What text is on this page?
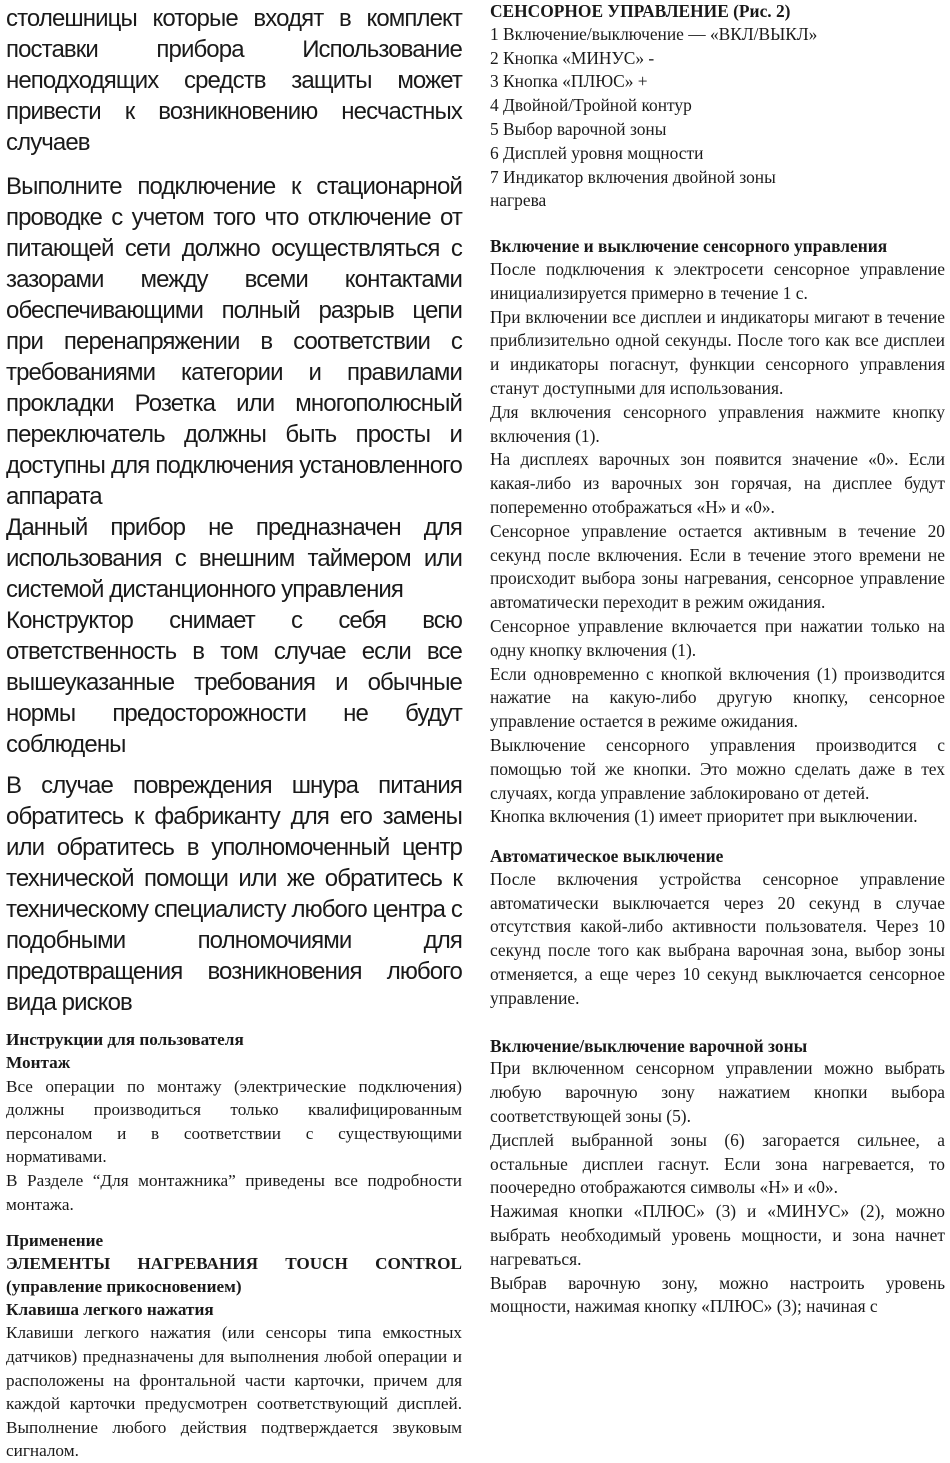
столешницы которые входят в комплект поставки прибора Использование неподходящих средств защиты может привести к возникновению несчастных случаев

Выполните подключение к стационарной проводке с учетом того что отключение от питающей сети должно осуществляться с зазорами между всеми контактами обеспечивающими полный разрыв цепи при перенапряжении в соответствии с требованиями категории и правилами прокладки Розетка или многополюсный переключатель должны быть просты и доступны для подключения установленного аппарата

Данный прибор не предназначен для использования с внешним таймером или системой дистанционного управления

Конструктор снимает с себя всю ответственность в том случае если все вышеуказанные требования и обычные нормы предосторожности не будут соблюдены

В случае повреждения шнура питания обратитесь к фабриканту для его замены или обратитесь в уполномоченный центр технической помощи или же обратитесь к техническому специалисту любого центра с подобными полномочиями для предотвращения возникновения любого вида рисков

Инструкции для пользователя

Монтаж

Все операции по монтажу (электрические подключения) должны производиться только квалифицированным персоналом и в соответствии с существующими нормативами.

В Разделе “Для монтажника” приведены все подробности монтажа.

Применение

ЭЛЕМЕНТЫ НАГРЕВАНИЯ TOUCH CONTROL (управление прикосновением)

Клавиша легкого нажатия

Клавиши легкого нажатия (или сенсоры типа емкостных датчиков) предназначены для выполнения любой операции и расположены на фронтальной части карточки, причем для каждой карточки предусмотрен соответствующий дисплей. Выполнение любого действия подтверждается звуковым сигналом.

СЕНСОРНОЕ УПРАВЛЕНИЕ (Рис. 2)

1 Включение/выключение — «ВКЛ/ВЫКЛ»
2 Кнопка «МИНУС» -
3 Кнопка «ПЛЮС» +
4 Двойной/Тройной контур
5 Выбор варочной зоны
6 Дисплей уровня мощности
7 Индикатор включения двойной зоны нагрева

Включение и выключение сенсорного управления

После подключения к электросети сенсорное управление инициализируется примерно в течение 1 с.

При включении все дисплеи и индикаторы мигают в течение приблизительно одной секунды. После того как все дисплеи и индикаторы погаснут, функции сенсорного управления станут доступными для использования.

Для включения сенсорного управления нажмите кнопку включения (1).

На дисплеях варочных зон появится значение «0». Если какая-либо из варочных зон горячая, на дисплее будут попеременно отображаться «H» и «0».

Сенсорное управление остается активным в течение 20 секунд после включения. Если в течение этого времени не происходит выбора зоны нагревания, сенсорное управление автоматически переходит в режим ожидания.

Сенсорное управление включается при нажатии только на одну кнопку включения (1).

Если одновременно с кнопкой включения (1) производится нажатие на какую-либо другую кнопку, сенсорное управление остается в режиме ожидания.

Выключение сенсорного управления производится с помощью той же кнопки. Это можно сделать даже в тех случаях, когда управление заблокировано от детей.

Кнопка включения (1) имеет приоритет при выключении.

Автоматическое выключение

После включения устройства сенсорное управление автоматически выключается через 20 секунд в случае отсутствия какой-либо активности пользователя. Через 10 секунд после того как выбрана варочная зона, выбор зоны отменяется, а еще через 10 секунд выключается сенсорное управление.

Включение/выключение варочной зоны

При включенном сенсорном управлении можно выбрать любую варочную зону нажатием кнопки выбора соответствующей зоны (5).

Дисплей выбранной зоны (6) загорается сильнее, а остальные дисплеи гаснут. Если зона нагревается, то поочередно отображаются символы «H» и «0».

Нажимая кнопки «ПЛЮС» (3) и «МИНУС» (2), можно выбрать необходимый уровень мощности, и зона начнет нагреваться.

Выбрав варочную зону, можно настроить уровень мощности, нажимая кнопку «ПЛЮС» (3); начиная с
